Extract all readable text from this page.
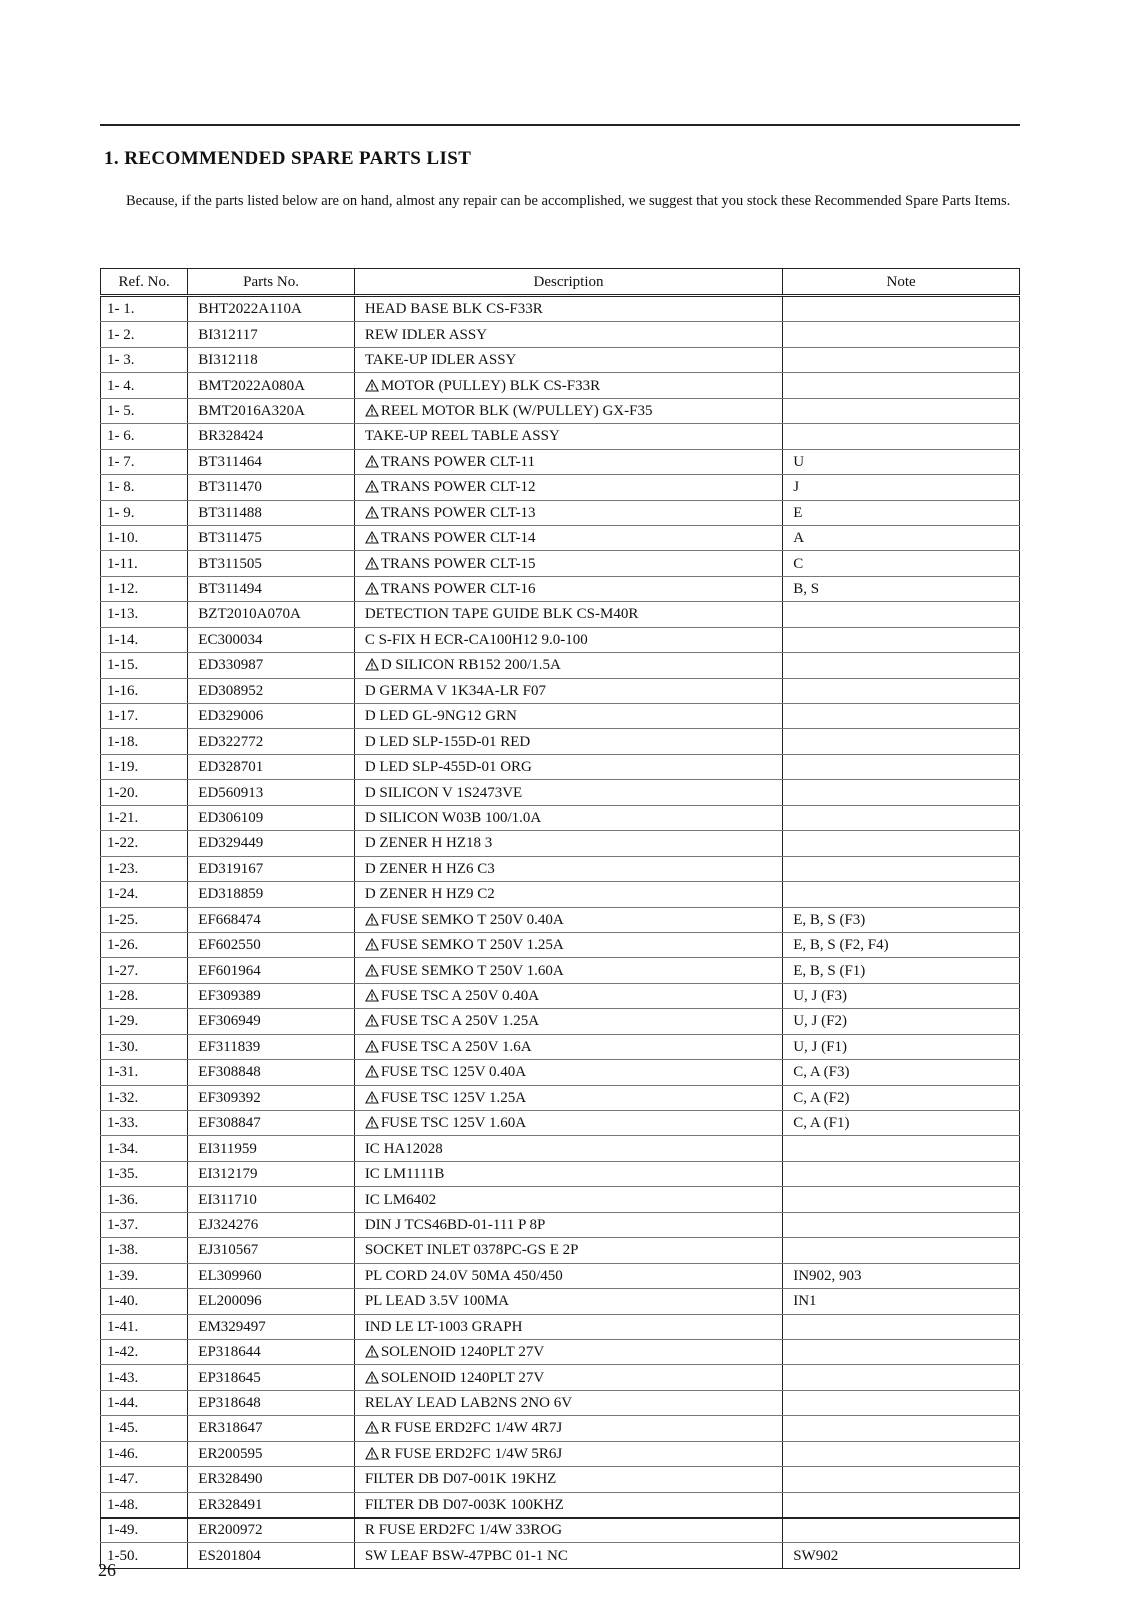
1. RECOMMENDED SPARE PARTS LIST

Because, if the parts listed below are on hand, almost any repair can be accomplished, we suggest that you stock these Recommended Spare Parts Items.

Ref. No.	Parts No.	Description	Note
1- 1.	BHT2022A110A	HEAD BASE BLK CS-F33R	
1- 2.	BI312117	REW IDLER ASSY	
1- 3.	BI312118	TAKE-UP IDLER ASSY	
1- 4.	BMT2022A080A	MOTOR (PULLEY) BLK CS-F33R	
1- 5.	BMT2016A320A	REEL MOTOR BLK (W/PULLEY) GX-F35	
1- 6.	BR328424	TAKE-UP REEL TABLE ASSY	
1- 7.	BT311464	TRANS POWER CLT-11	U
1- 8.	BT311470	TRANS POWER CLT-12	J
1- 9.	BT311488	TRANS POWER CLT-13	E
1-10.	BT311475	TRANS POWER CLT-14	A
1-11.	BT311505	TRANS POWER CLT-15	C
1-12.	BT311494	TRANS POWER CLT-16	B, S
1-13.	BZT2010A070A	DETECTION TAPE GUIDE BLK CS-M40R	
1-14.	EC300034	C S-FIX H ECR-CA100H12 9.0-100	
1-15.	ED330987	D SILICON RB152 200/1.5A	
1-16.	ED308952	D GERMA V 1K34A-LR F07	
1-17.	ED329006	D LED GL-9NG12 GRN	
1-18.	ED322772	D LED SLP-155D-01 RED	
1-19.	ED328701	D LED SLP-455D-01 ORG	
1-20.	ED560913	D SILICON V 1S2473VE	
1-21.	ED306109	D SILICON W03B 100/1.0A	
1-22.	ED329449	D ZENER H HZ18 3	
1-23.	ED319167	D ZENER H HZ6 C3	
1-24.	ED318859	D ZENER H HZ9 C2	
1-25.	EF668474	FUSE SEMKO T 250V 0.40A	E, B, S (F3)
1-26.	EF602550	FUSE SEMKO T 250V 1.25A	E, B, S (F2, F4)
1-27.	EF601964	FUSE SEMKO T 250V 1.60A	E, B, S (F1)
1-28.	EF309389	FUSE TSC A 250V 0.40A	U, J (F3)
1-29.	EF306949	FUSE TSC A 250V 1.25A	U, J (F2)
1-30.	EF311839	FUSE TSC A 250V 1.6A	U, J (F1)
1-31.	EF308848	FUSE TSC 125V 0.40A	C, A (F3)
1-32.	EF309392	FUSE TSC 125V 1.25A	C, A (F2)
1-33.	EF308847	FUSE TSC 125V 1.60A	C, A (F1)
1-34.	EI311959	IC HA12028	
1-35.	EI312179	IC LM1111B	
1-36.	EI311710	IC LM6402	
1-37.	EJ324276	DIN J TCS46BD-01-111 P 8P	
1-38.	EJ310567	SOCKET INLET 0378PC-GS E 2P	
1-39.	EL309960	PL CORD 24.0V 50MA 450/450	IN902, 903
1-40.	EL200096	PL LEAD 3.5V 100MA	IN1
1-41.	EM329497	IND LE LT-1003 GRAPH	
1-42.	EP318644	SOLENOID 1240PLT 27V	
1-43.	EP318645	SOLENOID 1240PLT 27V	
1-44.	EP318648	RELAY LEAD LAB2NS 2NO 6V	
1-45.	ER318647	R FUSE ERD2FC 1/4W 4R7J	
1-46.	ER200595	R FUSE ERD2FC 1/4W 5R6J	
1-47.	ER328490	FILTER DB D07-001K 19KHZ	
1-48.	ER328491	FILTER DB D07-003K 100KHZ	
1-49.	ER200972	R FUSE ERD2FC 1/4W 33ROG	
1-50.	ES201804	SW LEAF BSW-47PBC 01-1 NC	SW902
26
